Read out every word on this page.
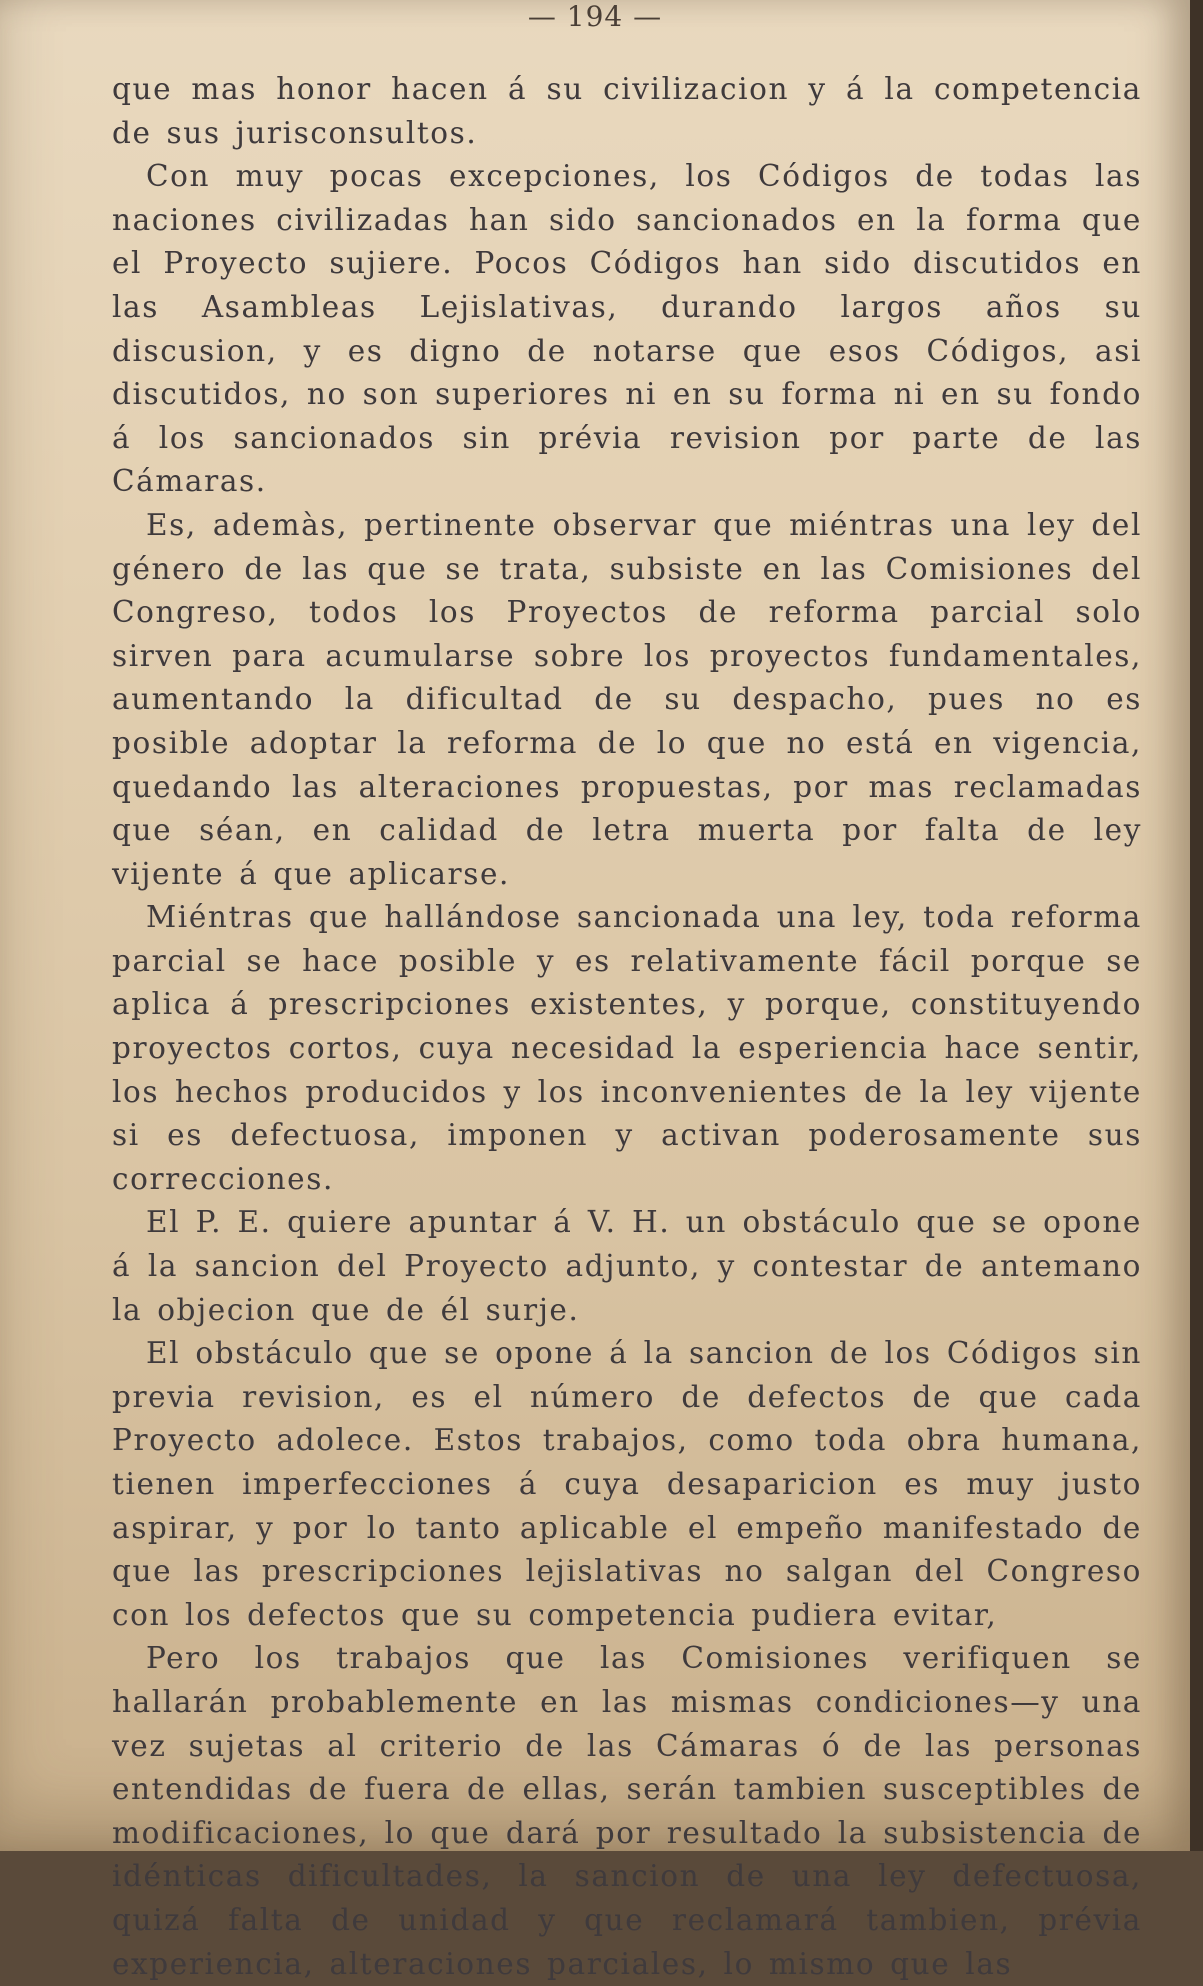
— 194 —

que mas honor hacen á su civilizacion y á la competencia de sus jurisconsultos.

Con muy pocas excepciones, los Códigos de todas las naciones civilizadas han sido sancionados en la forma que el Proyecto sujiere. Pocos Códigos han sido discutidos en las Asambleas Lejislativas, durando largos años su discusion, y es digno de notarse que esos Códigos, asi discutidos, no son superiores ni en su forma ni en su fondo á los sancionados sin prévia revision por parte de las Cámaras.

Es, ademàs, pertinente observar que miéntras una ley del género de las que se trata, subsiste en las Comisiones del Congreso, todos los Proyectos de reforma parcial solo sirven para acumularse sobre los proyectos fundamentales, aumentando la dificultad de su despacho, pues no es posible adoptar la reforma de lo que no está en vigencia, quedando las alteraciones propuestas, por mas reclamadas que séan, en calidad de letra muerta por falta de ley vijente á que aplicarse.

Miéntras que hallándose sancionada una ley, toda reforma parcial se hace posible y es relativamente fácil porque se aplica á prescripciones existentes, y porque, constituyendo proyectos cortos, cuya necesidad la esperiencia hace sentir, los hechos producidos y los inconvenientes de la ley vijente si es defectuosa, imponen y activan poderosamente sus correcciones.

El P. E. quiere apuntar á V. H. un obstáculo que se opone á la sancion del Proyecto adjunto, y contestar de antemano la objecion que de él surje.

El obstáculo que se opone á la sancion de los Códigos sin previa revision, es el número de defectos de que cada Proyecto adolece. Estos trabajos, como toda obra humana, tienen imperfecciones á cuya desaparicion es muy justo aspirar, y por lo tanto aplicable el empeño manifestado de que las prescripciones lejislativas no salgan del Congreso con los defectos que su competencia pudiera evitar,

Pero los trabajos que las Comisiones verifiquen se hallarán probablemente en las mismas condiciones—y una vez sujetas al criterio de las Cámaras ó de las personas entendidas de fuera de ellas, serán tambien susceptibles de modificaciones, lo que dará por resultado la subsistencia de idénticas dificultades, la sancion de una ley defectuosa, quizá falta de unidad y que reclamará tambien, prévia experiencia, alteraciones parciales, lo mismo que las
